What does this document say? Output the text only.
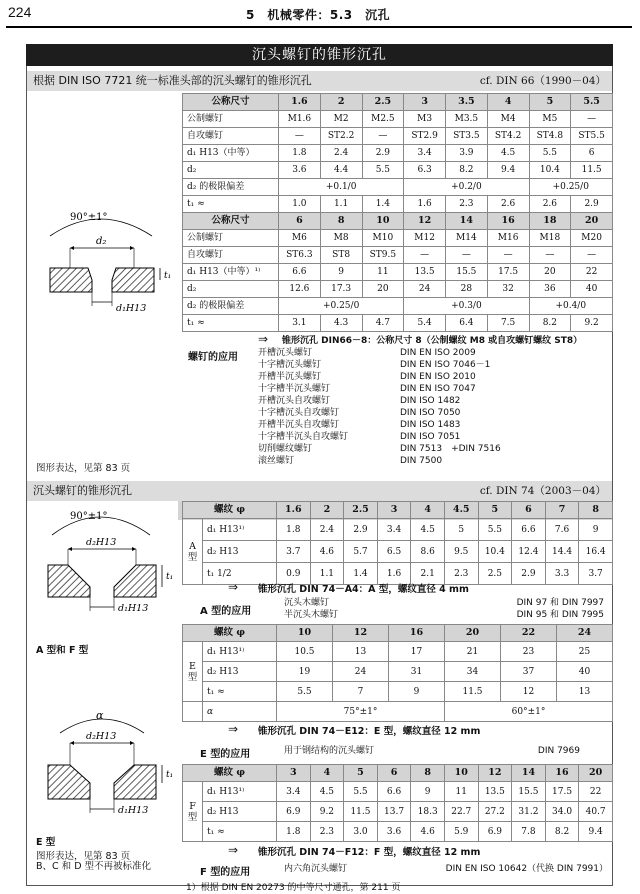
224	5　机械零件：5.3　沉孔
沉头螺钉的锥形沉孔
根据 DIN ISO 7721 统一标准头部的沉头螺钉的锥形沉孔	cf. DIN 66（1990－04）
90°±1°
d₂
d₁H13
t₁
公称尺寸	1.6	2	2.5	3	3.5	4	5	5.5
公制螺钉	M1.6	M2	M2.5	M3	M3.5	M4	M5	—
自攻螺钉	—	ST2.2	—	ST2.9	ST3.5	ST4.2	ST4.8	ST5.5
d₁ H13（中等）	1.8	2.4	2.9	3.4	3.9	4.5	5.5	6
d₂	3.6	4.4	5.5	6.3	8.2	9.4	10.4	11.5
d₂ 的极限偏差	+0.1/0			+0.2/0			+0.25/0	
t₁ ≈	1.0	1.1	1.4	1.6	2.3	2.6	2.6	2.9
公称尺寸	6	8	10	12	14	16	18	20
公制螺钉	M6	M8	M10	M12	M14	M16	M18	M20
自攻螺钉	ST6.3	ST8	ST9.5	—	—	—	—	—
d₁ H13（中等）¹⁾	6.6	9	11	13.5	15.5	17.5	20	22
d₂	12.6	17.3	20	24	28	32	36	40
d₂ 的极限偏差	+0.25/0			+0.3/0			+0.4/0	
t₁ ≈	3.1	4.3	4.7	5.4	6.4	7.5	8.2	9.2
⇒ 锥形沉孔 DIN66－8：公称尺寸 8（公制螺纹 M8 或自攻螺钉螺纹 ST8）
螺钉的应用 开槽沉头螺钉	DIN EN ISO 2009
十字槽沉头螺钉	DIN EN ISO 7046－1
开槽半沉头螺钉	DIN EN ISO 2010
十字槽半沉头螺钉	DIN EN ISO 7047
开槽沉头自攻螺钉	DIN ISO 1482
十字槽沉头自攻螺钉	DIN ISO 7050
开槽半沉头自攻螺钉	DIN ISO 1483
十字槽半沉头自攻螺钉	DIN ISO 7051
切削螺纹螺钉	DIN 7513　+DIN 7516
滚丝螺钉	DIN 7500
图形表达，见第 83 页
沉头螺钉的锥形沉孔	cf. DIN 74（2003－04）
90°±1°
d₂H13
d₁H13
t₁
A 型和 F 型
α
d₂H13
d₁H13
t₁
E 型
图形表达，见第 83 页
B、C 和 D 型不再被标准化
螺纹 φ		1.6	2	2.5	3	4	4.5	5	6	7	8
A 型	d₁ H13¹⁾	1.8	2.4	2.9	3.4	4.5	5	5.5	6.6	7.6	9
	d₂ H13	3.7	4.6	5.7	6.5	8.6	9.5	10.4	12.4	14.4	16.4
	t₁ 1/2	0.9	1.1	1.4	1.6	2.1	2.3	2.5	2.9	3.3	3.7
⇒ 锥形沉孔 DIN 74－A4：A 型，螺纹直径 4 mm
A 型的应用
沉头木螺钉	DIN 97 和 DIN 7997
半沉头木螺钉	DIN 95 和 DIN 7995
螺纹 φ		10	12	16	20	22	24
E 型	d₁ H13¹⁾	10.5	13	17	21	23	25
	d₂ H13	19	24	31	34	37	40
	t₁ ≈	5.5	7	9	11.5	12	13
	α	75°±1°			60°±1°		
⇒ 锥形沉孔 DIN 74－E12：E 型，螺纹直径 12 mm
E 型的应用	用于钢结构的沉头螺钉	DIN 7969
螺纹 φ		3	4	5	6	8	10	12	14	16	20
F 型	d₁ H13¹⁾	3.4	4.5	5.5	6.6	9	11	13.5	15.5	17.5	22
	d₂ H13	6.9	9.2	11.5	13.7	18.3	22.7	27.2	31.2	34.0	40.7
	t₁ ≈	1.8	2.3	3.0	3.6	4.6	5.9	6.9	7.8	8.2	9.4
⇒ 锥形沉孔 DIN 74－F12：F 型，螺纹直径 12 mm
F 型的应用	内六角沉头螺钉	DIN EN ISO 10642（代换 DIN 7991）
1）根据 DIN EN 20273 的中等尺寸通孔，第 211 页
